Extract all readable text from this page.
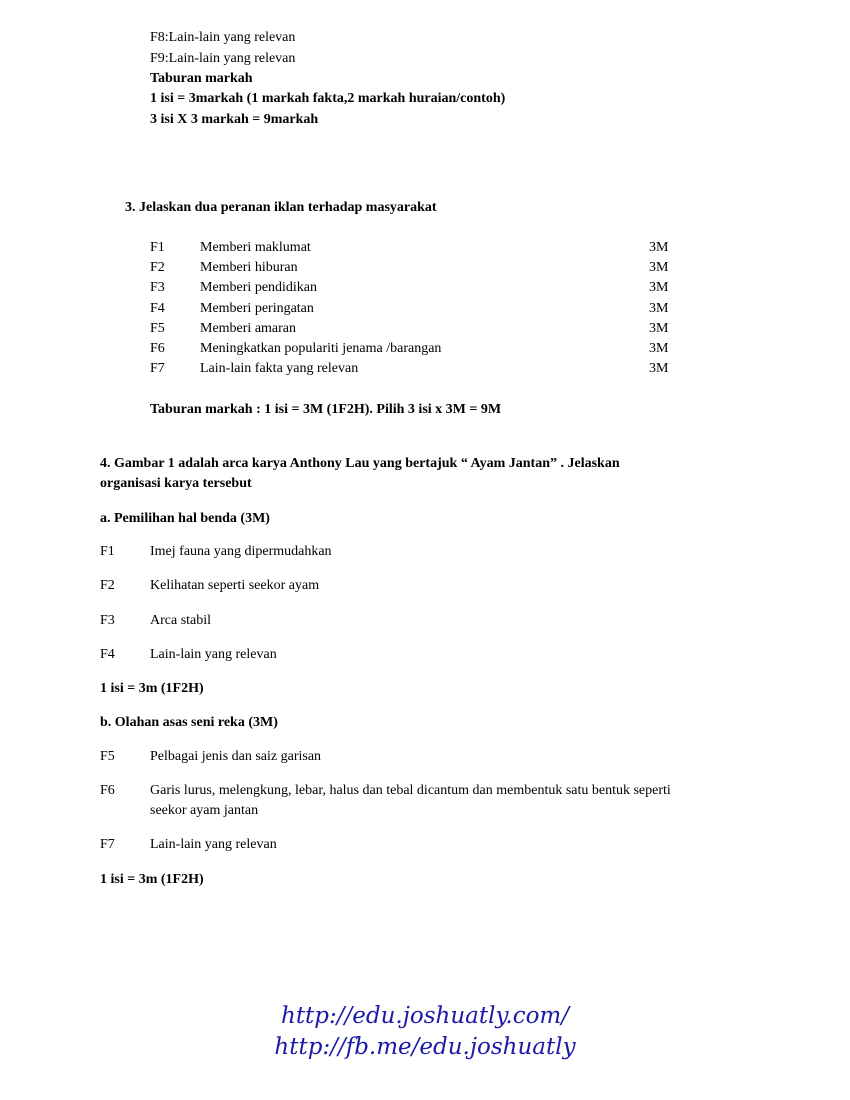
F8:Lain-lain yang relevan
F9:Lain-lain yang relevan
Taburan markah
1 isi = 3markah (1 markah fakta,2 markah huraian/contoh)
3 isi X 3 markah = 9markah
3. Jelaskan dua peranan iklan terhadap masyarakat
F1	Memberi maklumat	3M
F2	Memberi hiburan	3M
F3	Memberi pendidikan	3M
F4	Memberi peringatan	3M
F5	Memberi amaran	3M
F6	Meningkatkan populariti jenama /barangan	3M
F7	Lain-lain fakta yang relevan	3M
Taburan markah : 1 isi = 3M (1F2H). Pilih 3 isi x 3M = 9M
4. Gambar 1 adalah arca karya Anthony Lau yang bertajuk “ Ayam Jantan” . Jelaskan
organisasi karya tersebut
a. Pemilihan hal benda (3M)
F1	Imej fauna yang dipermudahkan
F2	Kelihatan seperti seekor ayam
F3	Arca stabil
F4	Lain-lain yang relevan
1 isi = 3m (1F2H)
b. Olahan asas seni reka (3M)
F5	Pelbagai jenis dan saiz garisan
F6	Garis lurus, melengkung, lebar, halus dan tebal dicantum dan membentuk satu bentuk seperti
seekor ayam jantan
F7	Lain-lain yang relevan
1 isi = 3m (1F2H)
http://edu.joshuatly.com/
http://fb.me/edu.joshuatly
